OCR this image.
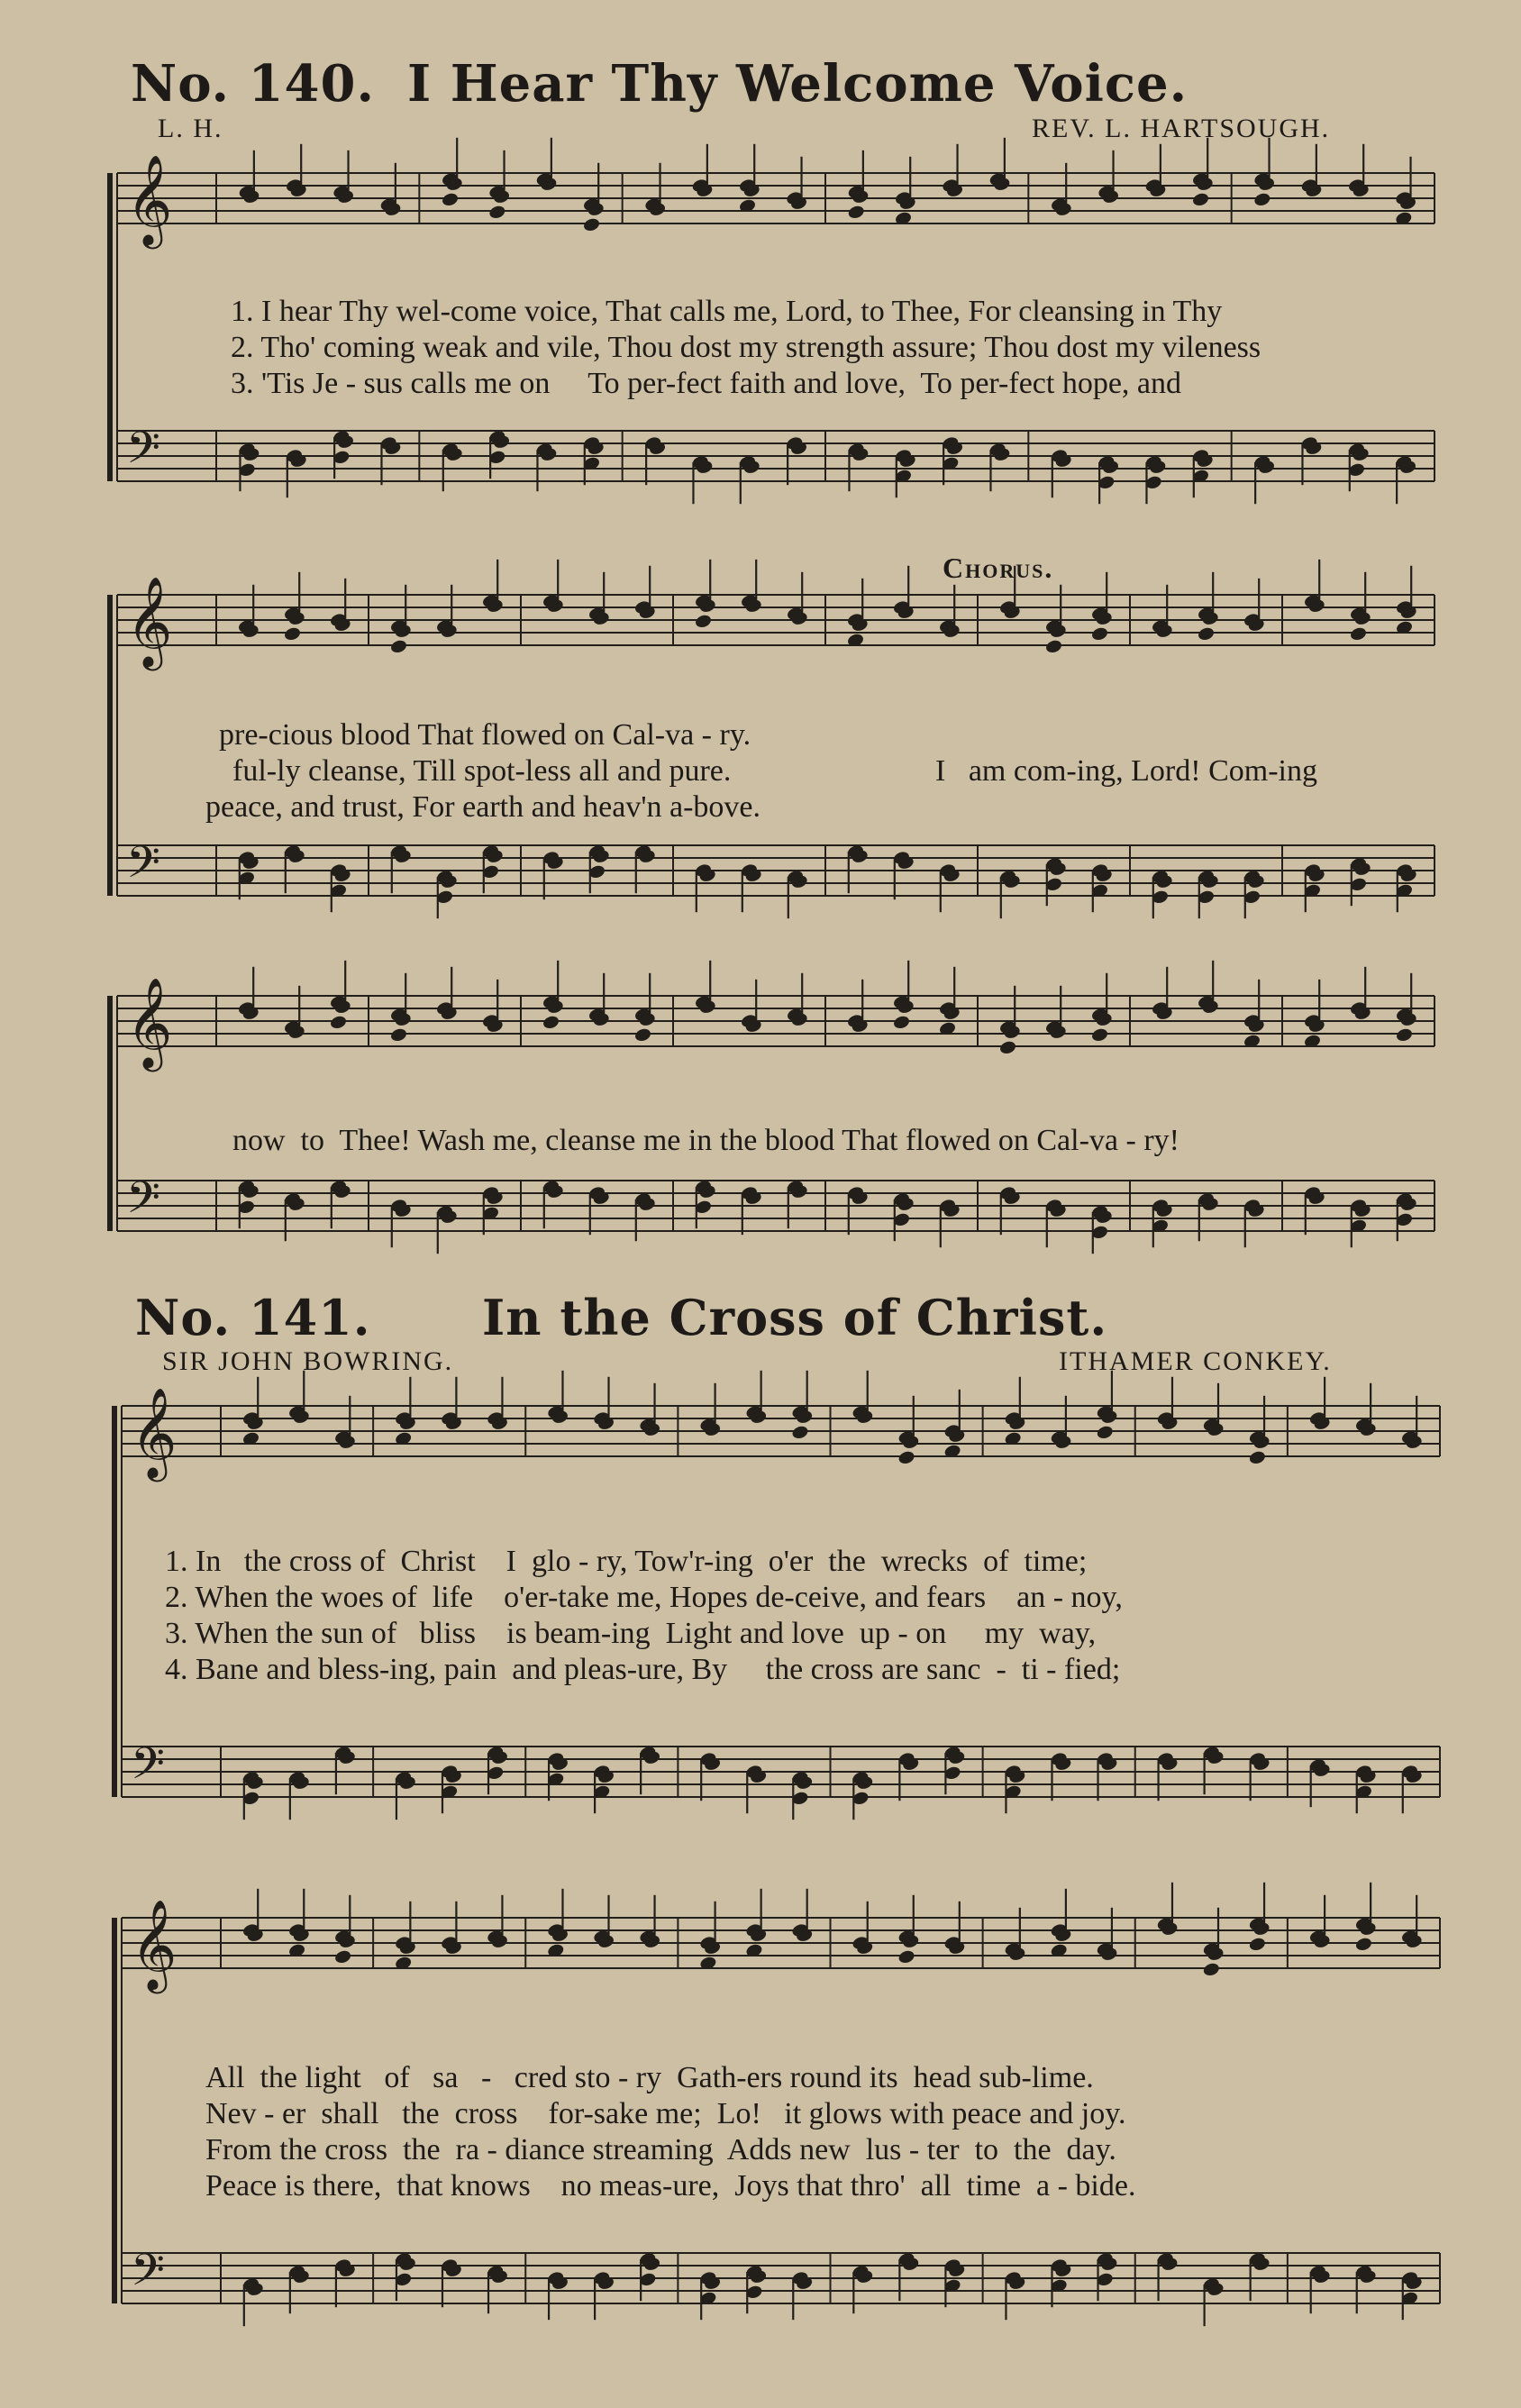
No. 140. I Hear Thy Welcome Voice.
L. H.	REV. L. HARTSOUGH.
𝄞
𝄢
𝄞
𝄢
𝄞
𝄢
𝄞
𝄢
𝄞
𝄢
1. I hear Thy wel-come voice, That calls me, Lord, to Thee, For cleansing in Thy
2. Tho' coming weak and vile, Thou dost my strength assure; Thou dost my vileness
3. 'Tis Je - sus calls me on     To per-fect faith and love,  To per-fect hope, and
Chorus.
pre-cious blood That flowed on Cal-va - ry.
ful-ly cleanse, Till spot-less all and pure.
peace, and trust, For earth and heav'n a-bove.
I   am com-ing, Lord! Com-ing
now  to  Thee! Wash me, cleanse me in the blood That flowed on Cal-va - ry!
No. 141. In the Cross of Christ.
SIR JOHN BOWRING.	ITHAMER CONKEY.
1. In   the cross of  Christ    I  glo - ry, Tow'r-ing  o'er  the  wrecks  of  time;
2. When the woes of  life    o'er-take me, Hopes de-ceive, and fears    an - noy,
3. When the sun of   bliss    is beam-ing  Light and love  up - on     my  way,
4. Bane and bless-ing, pain  and pleas-ure, By     the cross are sanc  -  ti - fied;
All  the light   of   sa   -   cred sto - ry  Gath-ers round its  head sub-lime.
Nev - er  shall   the  cross    for-sake me;  Lo!   it glows with peace and joy.
From the cross  the  ra - diance streaming  Adds new  lus - ter  to  the  day.
Peace is there,  that knows    no meas-ure,  Joys that thro'  all  time  a - bide.
